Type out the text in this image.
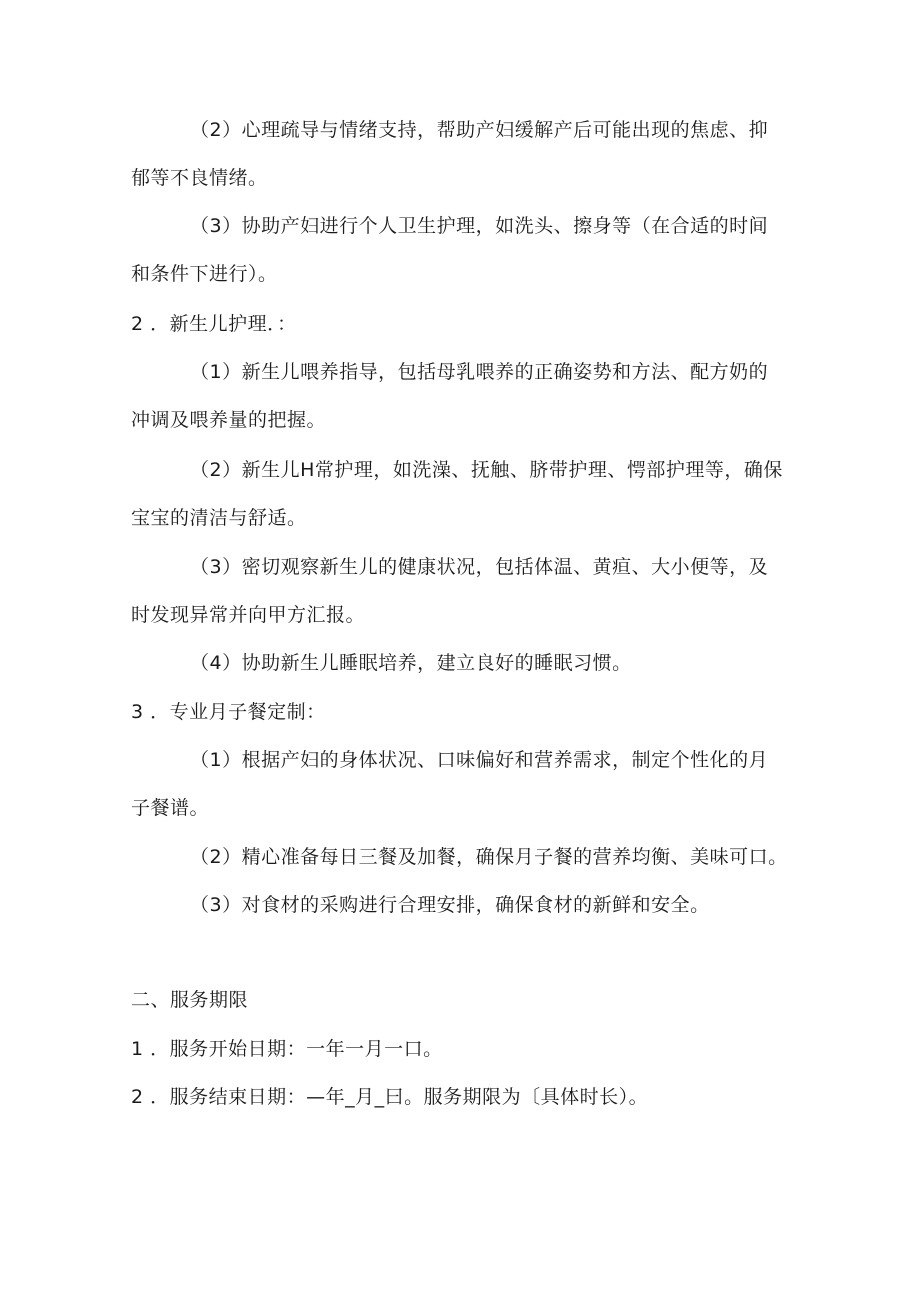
（2）心理疏导与情绪支持，帮助产妇缓解产后可能出现的焦虑、抑
郁等不良情绪。
（3）协助产妇进行个人卫生护理，如洗头、擦身等（在合适的时间
和条件下进行）。
2 ．新生儿护理．：
（1）新生儿喂养指导，包括母乳喂养的正确姿势和方法、配方奶的
冲调及喂养量的把握。
（2）新生儿H常护理，如洗澡、抚触、脐带护理、愕部护理等，确保
宝宝的清洁与舒适。
（3）密切观察新生儿的健康状况，包括体温、黄疸、大小便等，及
时发现异常并向甲方汇报。
（4）协助新生儿睡眠培养，建立良好的睡眠习惯。
3 ．专业月子餐定制：
（1）根据产妇的身体状况、口味偏好和营养需求，制定个性化的月
子餐谱。
（2）精心准备每日三餐及加餐，确保月子餐的营养均衡、美味可口。
（3）对食材的采购进行合理安排，确保食材的新鲜和安全。
二、服务期限
1 ．服务开始日期：一年一月一口。
2 ．服务结束日期：—年_月_曰。服务期限为〔具体时长）。
